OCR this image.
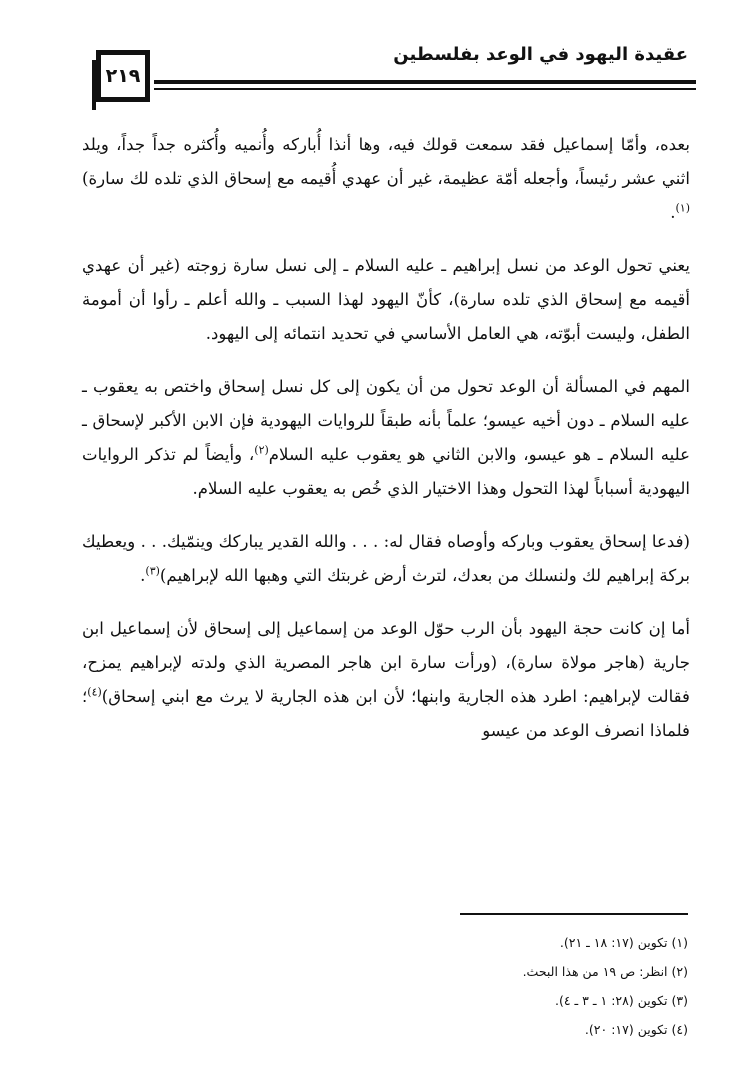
٢١٩
عقيدة اليهود في الوعد بفلسطين

بعده، وأمّا إسماعيل فقد سمعت قولك فيه، وها أنذا أُباركه وأُنميه وأُكثره جداً جداً، ويلد اثني عشر رئيساً، وأجعله أمّة عظيمة، غير أن عهدي أُقيمه مع إسحاق الذي تلده لك سارة)$^{(١)}$.

يعني تحول الوعد من نسل إبراهيم ـ عليه السلام ـ إلى نسل سارة زوجته (غير أن عهدي أقيمه مع إسحاق الذي تلده سارة)، كأنّ اليهود لهذا السبب ـ والله أعلم ـ رأوا أن أمومة الطفل، وليست أبوّته، هي العامل الأساسي في تحديد انتمائه إلى اليهود.

المهم في المسألة أن الوعد تحول من أن يكون إلى كل نسل إسحاق واختص به يعقوب ـ عليه السلام ـ دون أخيه عيسو؛ علماً بأنه طبقاً للروايات اليهودية فإن الابن الأكبر لإسحاق ـ عليه السلام ـ هو عيسو، والابن الثاني هو يعقوب عليه السلام$^{(٢)}$، وأيضاً لم تذكر الروايات اليهودية أسباباً لهذا التحول وهذا الاختيار الذي خُص به يعقوب عليه السلام.

(فدعا إسحاق يعقوب وباركه وأوصاه فقال له: . . . والله القدير يباركك وينمّيك. . . ويعطيك بركة إبراهيم لك ولنسلك من بعدك، لترث أرض غربتك التي وهبها الله لإبراهيم)$^{(٣)}$.

أما إن كانت حجة اليهود بأن الرب حوّل الوعد من إسماعيل إلى إسحاق لأن إسماعيل ابن جارية (هاجر مولاة سارة)، (ورأت سارة ابن هاجر المصرية الذي ولدته لإبراهيم يمزح، فقالت لإبراهيم: اطرد هذه الجارية وابنها؛ لأن ابن هذه الجارية لا يرث مع ابني إسحاق)$^{(٤)}$؛ فلماذا انصرف الوعد من عيسو

(١) تكوين (١٧: ١٨ ـ ٢١).
(٢) انظر: ص ١٩ من هذا البحث.
(٣) تكوين (٢٨: ١ ـ ٣ ـ ٤).
(٤) تكوين (١٧: ٢٠).
